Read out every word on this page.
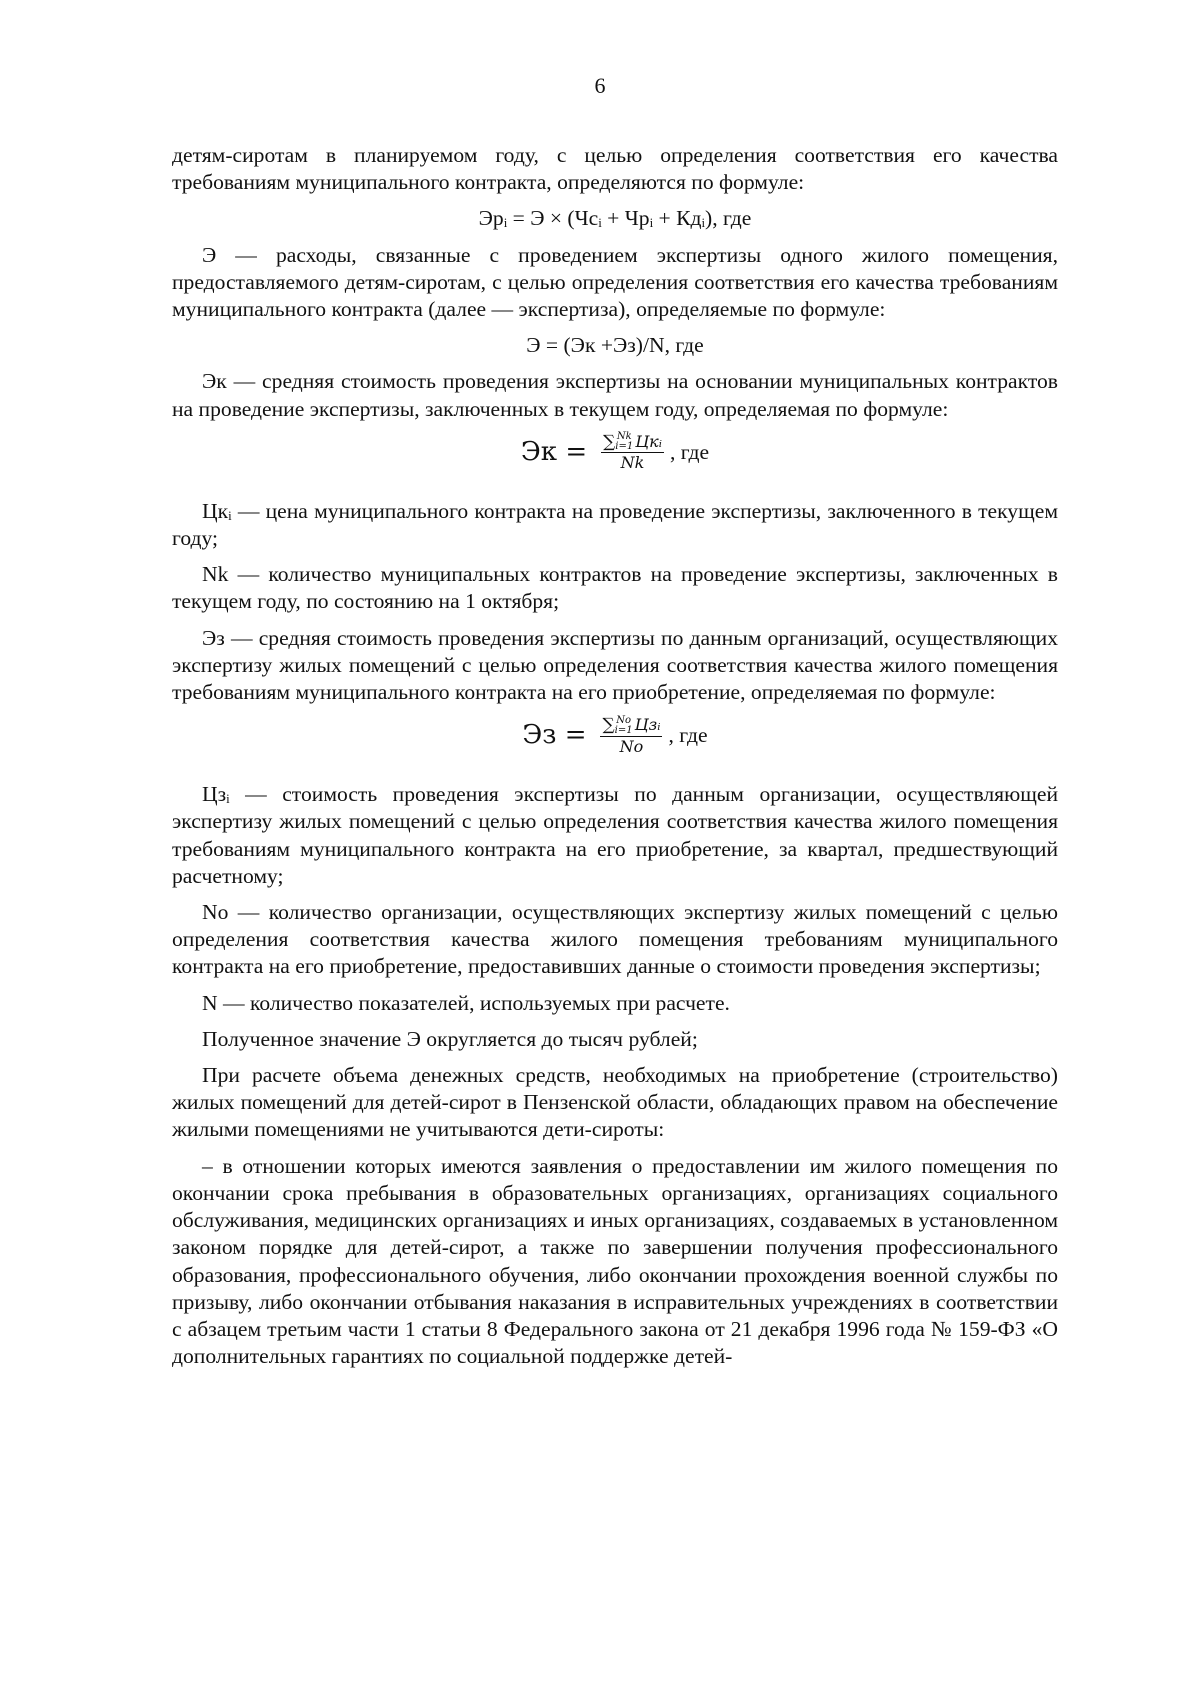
6

детям-сиротам в планируемом году, с целью определения соответствия его качества требованиям муниципального контракта, определяются по формуле:

Эрᵢ = Э × (Чсᵢ + Чрᵢ + Кдᵢ), где

Э — расходы, связанные с проведением экспертизы одного жилого помещения, предоставляемого детям-сиротам, с целью определения соответствия его качества требованиям муниципального контракта (далее — экспертиза), определяемые по формуле:

Э = (Эк +Эз)/N, где

Эк — средняя стоимость проведения экспертизы на основании муниципальных контрактов на проведение экспертизы, заключенных в текущем году, определяемая по формуле:

Эк = ∑ Nk
i=1 Цкᵢ
Nk , где

Цкᵢ — цена муниципального контракта на проведение экспертизы, заключенного в текущем году;

Nk — количество муниципальных контрактов на проведение экспертизы, заключенных в текущем году, по состоянию на 1 октября;

Эз — средняя стоимость проведения экспертизы по данным организаций, осуществляющих экспертизу жилых помещений с целью определения соответствия качества жилого помещения требованиям муниципального контракта на его приобретение, определяемая по формуле:

Эз = ∑ No
i=1 Цзᵢ
No , где

Цзᵢ — стоимость проведения экспертизы по данным организации, осуществляющей экспертизу жилых помещений с целью определения соответствия качества жилого помещения требованиям муниципального контракта на его приобретение, за квартал, предшествующий расчетному;

No — количество организации, осуществляющих экспертизу жилых помещений с целью определения соответствия качества жилого помещения требованиям муниципального контракта на его приобретение, предоставивших данные о стоимости проведения экспертизы;

N — количество показателей, используемых при расчете.

Полученное значение Э округляется до тысяч рублей;

При расчете объема денежных средств, необходимых на приобретение (строительство) жилых помещений для детей-сирот в Пензенской области, обладающих правом на обеспечение жилыми помещениями не учитываются дети-сироты:

– в отношении которых имеются заявления о предоставлении им жилого помещения по окончании срока пребывания в образовательных организациях, организациях социального обслуживания, медицинских организациях и иных организациях, создаваемых в установленном законом порядке для детей-сирот, а также по завершении получения профессионального образования, профессионального обучения, либо окончании прохождения военной службы по призыву, либо окончании отбывания наказания в исправительных учреждениях в соответствии с абзацем третьим части 1 статьи 8 Федерального закона от 21 декабря 1996 года № 159-ФЗ «О дополнительных гарантиях по социальной поддержке детей-
